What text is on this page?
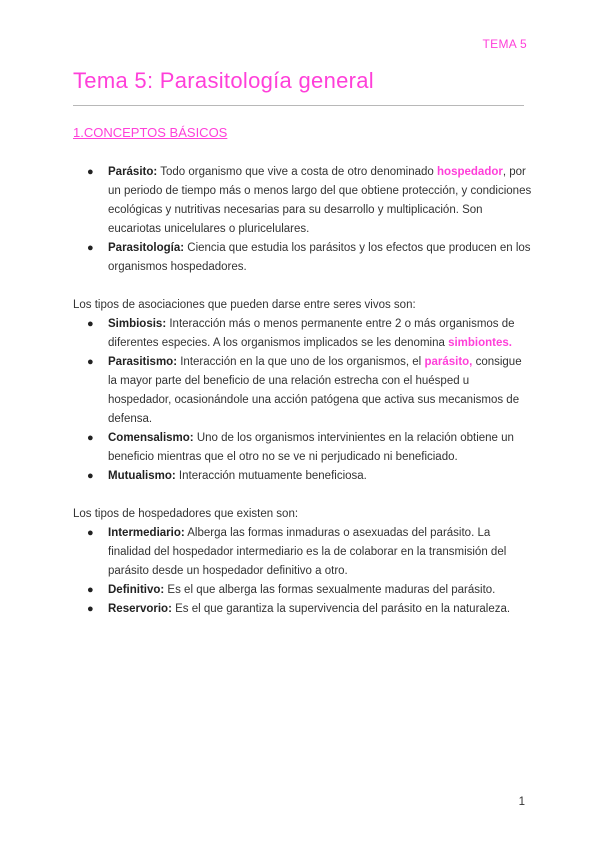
TEMA 5
Tema 5: Parasitología general
1.CONCEPTOS BÁSICOS
● Parásito: Todo organismo que vive a costa de otro denominado hospedador, por un periodo de tiempo más o menos largo del que obtiene protección, y condiciones ecológicas y nutritivas necesarias para su desarrollo y multiplicación. Son eucariotas unicelulares o pluricelulares.
● Parasitología: Ciencia que estudia los parásitos y los efectos que producen en los organismos hospedadores.

Los tipos de asociaciones que pueden darse entre seres vivos son:

● Simbiosis: Interacción más o menos permanente entre 2 o más organismos de diferentes especies. A los organismos implicados se les denomina simbiontes.
● Parasitismo: Interacción en la que uno de los organismos, el parásito, consigue la mayor parte del beneficio de una relación estrecha con el huésped u hospedador, ocasionándole una acción patógena que activa sus mecanismos de defensa.
● Comensalismo: Uno de los organismos intervinientes en la relación obtiene un beneficio mientras que el otro no se ve ni perjudicado ni beneficiado.
● Mutualismo: Interacción mutuamente beneficiosa.

Los tipos de hospedadores que existen son:

● Intermediario: Alberga las formas inmaduras o asexuadas del parásito. La finalidad del hospedador intermediario es la de colaborar en la transmisión del parásito desde un hospedador definitivo a otro.
● Definitivo: Es el que alberga las formas sexualmente maduras del parásito.
● Reservorio: Es el que garantiza la supervivencia del parásito en la naturaleza.
1
